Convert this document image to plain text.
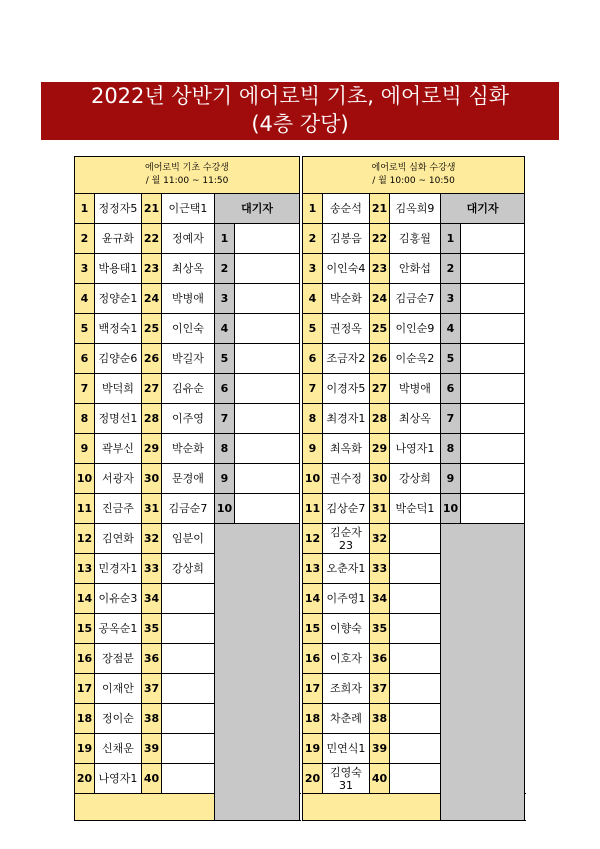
2022년 상반기 에어로빅 기초, 에어로빅 심화
(4층 강당)
에어로빅 기초 수강생
/ 월 11:00 ~ 11:50						

1	정정자5	21	이근택1	대기자		
2	윤규화	22	정예자	1		
3	박용태1	23	최상옥	2		
4	정양순1	24	박병애	3		
5	백정숙1	25	이인숙	4		
6	김양순6	26	박길자	5		
7	박덕희	27	김유순	6		
8	정명선1	28	이주영	7		
9	곽부신	29	박순화	8		
10	서광자	30	문경애	9		
11	진금주	31	김금순7	10		
12	김연화	32	임분이			
13	민경자1	33	강상희			
14	이유순3	34				
15	공옥순1	35				
16	장점분	36				
17	이재안	37				
18	정이순	38				
19	신채운	39				
20	나영자1	40				

에어로빅 심화 수강생
/ 월 10:00 ~ 10:50						

1	송순석	21	김옥희9	대기자		
2	김봉음	22	김홍월	1		
3	이인숙4	23	안화섭	2		
4	박순화	24	김금순7	3		
5	권정옥	25	이인순9	4		
6	조금자2	26	이순옥2	5		
7	이경자5	27	박병애	6		
8	최경자1	28	최상옥	7		
9	최옥화	29	나영자1	8		
10	권수정	30	강상희	9		
11	김상순7	31	박순덕1	10		
12	김순자 23	32				
13	오춘자1	33				
14	이주영1	34				
15	이향숙	35				
16	이호자	36				
17	조희자	37				
18	차춘례	38				
19	민연식1	39				
20	김영숙 31	40				
